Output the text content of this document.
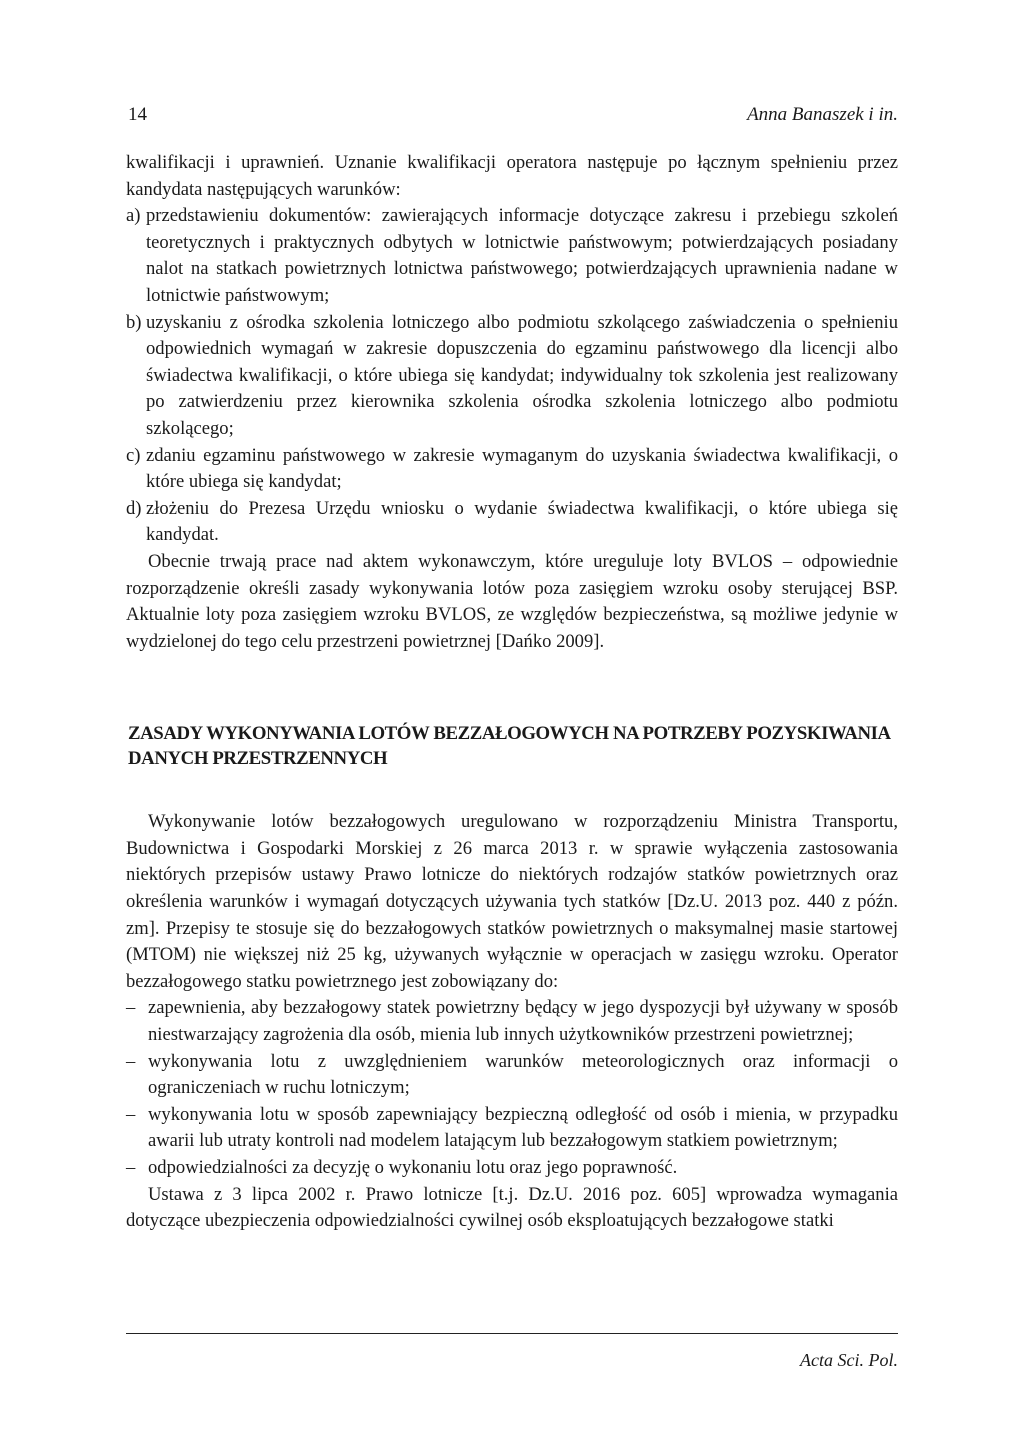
14	Anna Banaszek i in.

kwalifikacji i uprawnień. Uznanie kwalifikacji operatora następuje po łącznym spełnieniu przez kandydata następujących warunków:

a) przedstawieniu dokumentów: zawierających informacje dotyczące zakresu i przebiegu szkoleń teoretycznych i praktycznych odbytych w lotnictwie państwowym; potwierdzających posiadany nalot na statkach powietrznych lotnictwa państwowego; potwierdzających uprawnienia nadane w lotnictwie państwowym;
b) uzyskaniu z ośrodka szkolenia lotniczego albo podmiotu szkolącego zaświadczenia o spełnieniu odpowiednich wymagań w zakresie dopuszczenia do egzaminu państwowego dla licencji albo świadectwa kwalifikacji, o które ubiega się kandydat; indywidualny tok szkolenia jest realizowany po zatwierdzeniu przez kierownika szkolenia ośrodka szkolenia lotniczego albo podmiotu szkolącego;
c) zdaniu egzaminu państwowego w zakresie wymaganym do uzyskania świadectwa kwalifikacji, o które ubiega się kandydat;
d) złożeniu do Prezesa Urzędu wniosku o wydanie świadectwa kwalifikacji, o które ubiega się kandydat.

Obecnie trwają prace nad aktem wykonawczym, które ureguluje loty BVLOS – odpowiednie rozporządzenie określi zasady wykonywania lotów poza zasięgiem wzroku osoby sterującej BSP. Aktualnie loty poza zasięgiem wzroku BVLOS, ze względów bezpieczeństwa, są możliwe jedynie w wydzielonej do tego celu przestrzeni powietrznej [Dańko 2009].

ZASADY WYKONYWANIA LOTÓW BEZZAŁOGOWYCH NA POTRZEBY POZYSKIWANIA DANYCH PRZESTRZENNYCH

Wykonywanie lotów bezzałogowych uregulowano w rozporządzeniu Ministra Transportu, Budownictwa i Gospodarki Morskiej z 26 marca 2013 r. w sprawie wyłączenia zastosowania niektórych przepisów ustawy Prawo lotnicze do niektórych rodzajów statków powietrznych oraz określenia warunków i wymagań dotyczących używania tych statków [Dz.U. 2013 poz. 440 z późn. zm]. Przepisy te stosuje się do bezzałogowych statków powietrznych o maksymalnej masie startowej (MTOM) nie większej niż 25 kg, używanych wyłącznie w operacjach w zasięgu wzroku. Operator bezzałogowego statku powietrznego jest zobowiązany do:

– zapewnienia, aby bezzałogowy statek powietrzny będący w jego dyspozycji był używany w sposób niestwarzający zagrożenia dla osób, mienia lub innych użytkowników przestrzeni powietrznej;
– wykonywania lotu z uwzględnieniem warunków meteorologicznych oraz informacji o ograniczeniach w ruchu lotniczym;
– wykonywania lotu w sposób zapewniający bezpieczną odległość od osób i mienia, w przypadku awarii lub utraty kontroli nad modelem latającym lub bezzałogowym statkiem powietrznym;
– odpowiedzialności za decyzję o wykonaniu lotu oraz jego poprawność.

Ustawa z 3 lipca 2002 r. Prawo lotnicze [t.j. Dz.U. 2016 poz. 605] wprowadza wymagania dotyczące ubezpieczenia odpowiedzialności cywilnej osób eksploatujących bezzałogowe statki

Acta Sci. Pol.
